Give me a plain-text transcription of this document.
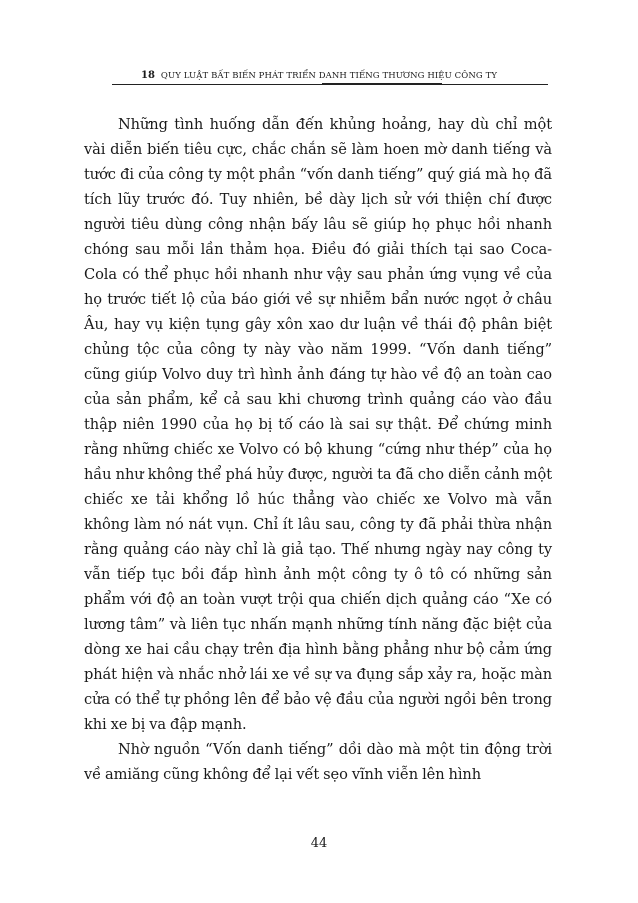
18 QUY LUẬT BẤT BIẾN PHÁT TRIỂN DANH TIẾNG THƯƠNG HIỆU CÔNG TY

Những tình huống dẫn đến khủng hoảng, hay dù chỉ một vài diễn biến tiêu cực, chắc chắn sẽ làm hoen mờ danh tiếng và tước đi của công ty một phần “vốn danh tiếng” quý giá mà họ đã tích lũy trước đó. Tuy nhiên, bề dày lịch sử với thiện chí được người tiêu dùng công nhận bấy lâu sẽ giúp họ phục hồi nhanh chóng sau mỗi lần thảm họa. Điều đó giải thích tại sao Coca-Cola có thể phục hồi nhanh như vậy sau phản ứng vụng về của họ trước tiết lộ của báo giới về sự nhiễm bẩn nước ngọt ở châu Âu, hay vụ kiện tụng gây xôn xao dư luận về thái độ phân biệt chủng tộc của công ty này vào năm 1999. “Vốn danh tiếng” cũng giúp Volvo duy trì hình ảnh đáng tự hào về độ an toàn cao của sản phẩm, kể cả sau khi chương trình quảng cáo vào đầu thập niên 1990 của họ bị tố cáo là sai sự thật. Để chứng minh rằng những chiếc xe Volvo có bộ khung “cứng như thép” của họ hầu như không thể phá hủy được, người ta đã cho diễn cảnh một chiếc xe tải khổng lồ húc thẳng vào chiếc xe Volvo mà vẫn không làm nó nát vụn. Chỉ ít lâu sau, công ty đã phải thừa nhận rằng quảng cáo này chỉ là giả tạo. Thế nhưng ngày nay công ty vẫn tiếp tục bồi đắp hình ảnh một công ty ô tô có những sản phẩm với độ an toàn vượt trội qua chiến dịch quảng cáo “Xe có lương tâm” và liên tục nhấn mạnh những tính năng đặc biệt của dòng xe hai cầu chạy trên địa hình bằng phẳng như bộ cảm ứng phát hiện và nhắc nhở lái xe về sự va đụng sắp xảy ra, hoặc màn cửa có thể tự phồng lên để bảo vệ đầu của người ngồi bên trong khi xe bị va đập mạnh.

Nhờ nguồn “Vốn danh tiếng” dồi dào mà một tin động trời về amiăng cũng không để lại vết sẹo vĩnh viễn lên hình

44
